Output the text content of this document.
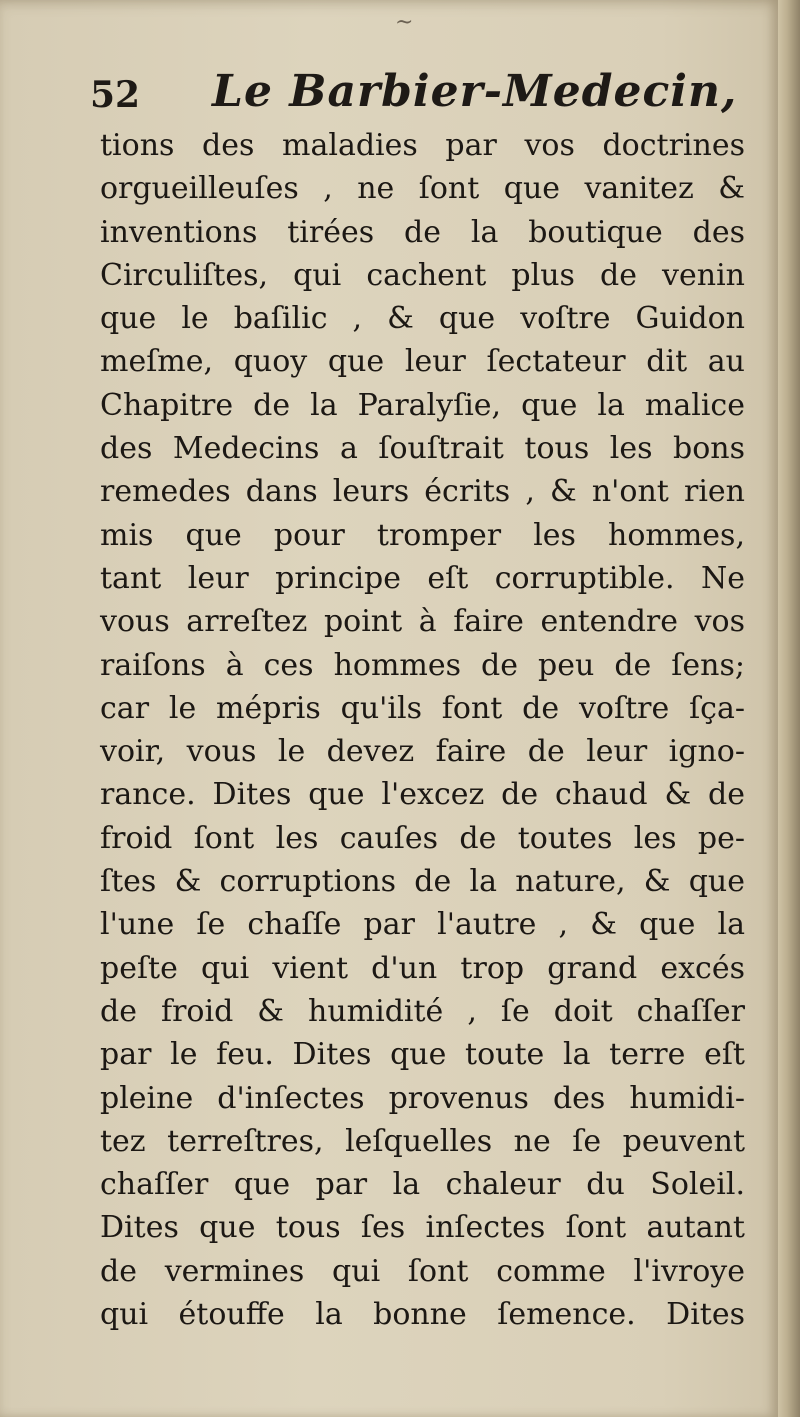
~
52 Le Barbier-Medecin,
tions des maladies par vos doctrines
orgueilleuſes , ne ſont que vanitez &
inventions tirées de la boutique des
Circuliſtes, qui cachent plus de venin
que le baſilic , & que voſtre Guidon
meſme, quoy que leur ſectateur dit au
Chapitre de la Paralyſie, que la malice
des Medecins a ſouſtrait tous les bons
remedes dans leurs écrits , & n'ont rien
mis que pour tromper les hommes,
tant leur principe eſt corruptible. Ne
vous arreſtez point à faire entendre vos
raiſons à ces hommes de peu de ſens;
car le mépris qu'ils font de voſtre ſça-
voir, vous le devez faire de leur igno-
rance. Dites que l'excez de chaud & de
froid ſont les cauſes de toutes les pe-
ſtes & corruptions de la nature, & que
l'une ſe chaſſe par l'autre , & que la
peſte qui vient d'un trop grand excés
de froid & humidité , ſe doit chaſſer
par le feu. Dites que toute la terre eſt
pleine d'inſectes provenus des humidi-
tez terreſtres, leſquelles ne ſe peuvent
chaſſer que par la chaleur du Soleil.
Dites que tous ſes inſectes ſont autant
de vermines qui ſont comme l'ivroye
qui étouffe la bonne ſemence. Dites
